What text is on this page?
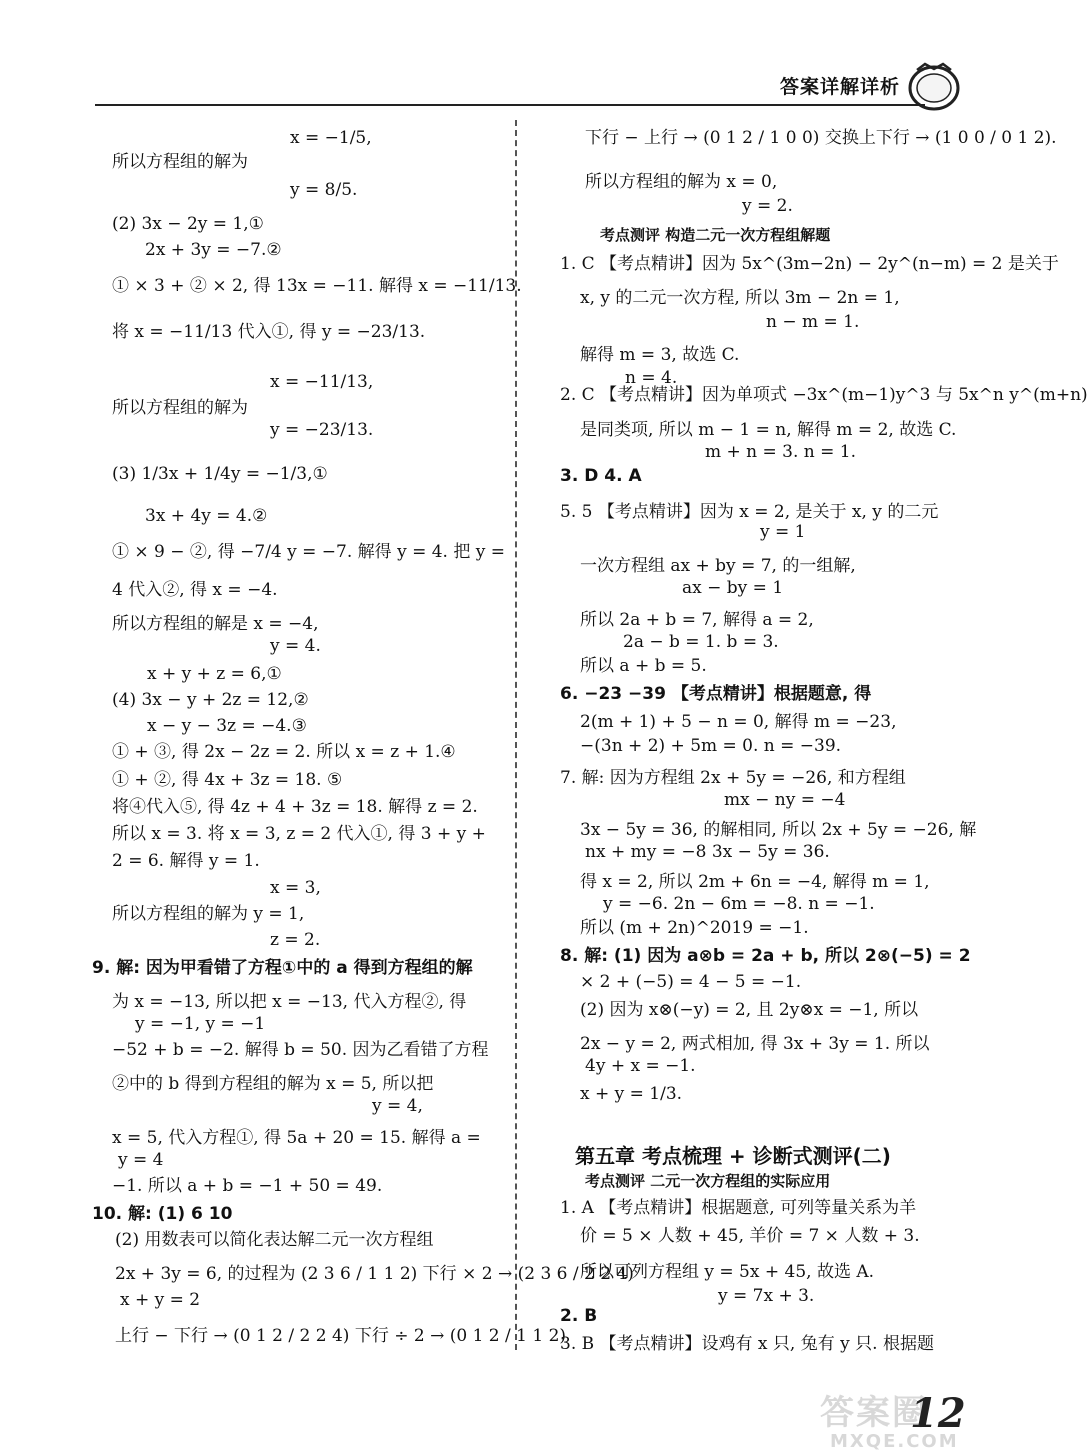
答案详解详析
x = −1/5,
所以方程组的解为
y = 8/5.
(2) 3x − 2y = 1,①
2x + 3y = −7.②
① × 3 + ② × 2, 得 13x = −11. 解得 x = −11/13.
将 x = −11/13 代入①, 得 y = −23/13.
x = −11/13,
所以方程组的解为
y = −23/13.
(3) 1/3x + 1/4y = −1/3,①
3x + 4y = 4.②
① × 9 − ②, 得 −7/4 y = −7. 解得 y = 4. 把 y =
4 代入②, 得 x = −4.
所以方程组的解是 x = −4,
y = 4.
x + y + z = 6,①
(4) 3x − y + 2z = 12,②
x − y − 3z = −4.③
① + ③, 得 2x − 2z = 2. 所以 x = z + 1.④
① + ②, 得 4x + 3z = 18. ⑤
将④代入⑤, 得 4z + 4 + 3z = 18. 解得 z = 2.
所以 x = 3. 将 x = 3, z = 2 代入①, 得 3 + y +
2 = 6. 解得 y = 1.
x = 3,
所以方程组的解为 y = 1,
z = 2.
9. 解: 因为甲看错了方程①中的 a 得到方程组的解
为 x = −13, 所以把 x = −13, 代入方程②, 得
y = −1, y = −1
−52 + b = −2. 解得 b = 50. 因为乙看错了方程
②中的 b 得到方程组的解为 x = 5, 所以把
y = 4,
x = 5, 代入方程①, 得 5a + 20 = 15. 解得 a =
y = 4
−1. 所以 a + b = −1 + 50 = 49.
10. 解: (1) 6 10
(2) 用数表可以简化表达解二元一次方程组
2x + 3y = 6, 的过程为 (2 3 6 / 1 1 2) 下行 × 2 → (2 3 6 / 2 2 4)
x + y = 2
上行 − 下行 → (0 1 2 / 2 2 4) 下行 ÷ 2 → (0 1 2 / 1 1 2)
下行 − 上行 → (0 1 2 / 1 0 0) 交换上下行 → (1 0 0 / 0 1 2).
所以方程组的解为 x = 0,
y = 2.
考点测评 构造二元一次方程组解题
1. C 【考点精讲】因为 5x^(3m−2n) − 2y^(n−m) = 2 是关于
x, y 的二元一次方程, 所以 3m − 2n = 1,
n − m = 1.
解得 m = 3, 故选 C.
n = 4.
2. C 【考点精讲】因为单项式 −3x^(m−1)y^3 与 5x^n y^(m+n)
是同类项, 所以 m − 1 = n, 解得 m = 2, 故选 C.
m + n = 3. n = 1.
3. D 4. A
5. 5 【考点精讲】因为 x = 2, 是关于 x, y 的二元
y = 1
一次方程组 ax + by = 7, 的一组解,
ax − by = 1
所以 2a + b = 7, 解得 a = 2,
2a − b = 1. b = 3.
所以 a + b = 5.
6. −23 −39 【考点精讲】根据题意, 得
2(m + 1) + 5 − n = 0, 解得 m = −23,
−(3n + 2) + 5m = 0. n = −39.
7. 解: 因为方程组 2x + 5y = −26, 和方程组
mx − ny = −4
3x − 5y = 36, 的解相同, 所以 2x + 5y = −26, 解
nx + my = −8 3x − 5y = 36.
得 x = 2, 所以 2m + 6n = −4, 解得 m = 1,
y = −6. 2n − 6m = −8. n = −1.
所以 (m + 2n)^2019 = −1.
8. 解: (1) 因为 a⊗b = 2a + b, 所以 2⊗(−5) = 2
× 2 + (−5) = 4 − 5 = −1.
(2) 因为 x⊗(−y) = 2, 且 2y⊗x = −1, 所以
2x − y = 2, 两式相加, 得 3x + 3y = 1. 所以
4y + x = −1.
x + y = 1/3.
第五章 考点梳理 + 诊断式测评(二)
考点测评 二元一次方程组的实际应用
1. A 【考点精讲】根据题意, 可列等量关系为羊
价 = 5 × 人数 + 45, 羊价 = 7 × 人数 + 3.
所以可列方程组 y = 5x + 45, 故选 A.
y = 7x + 3.
2. B
3. B 【考点精讲】设鸡有 x 只, 兔有 y 只. 根据题
答案圈
MXQE.COM
12
